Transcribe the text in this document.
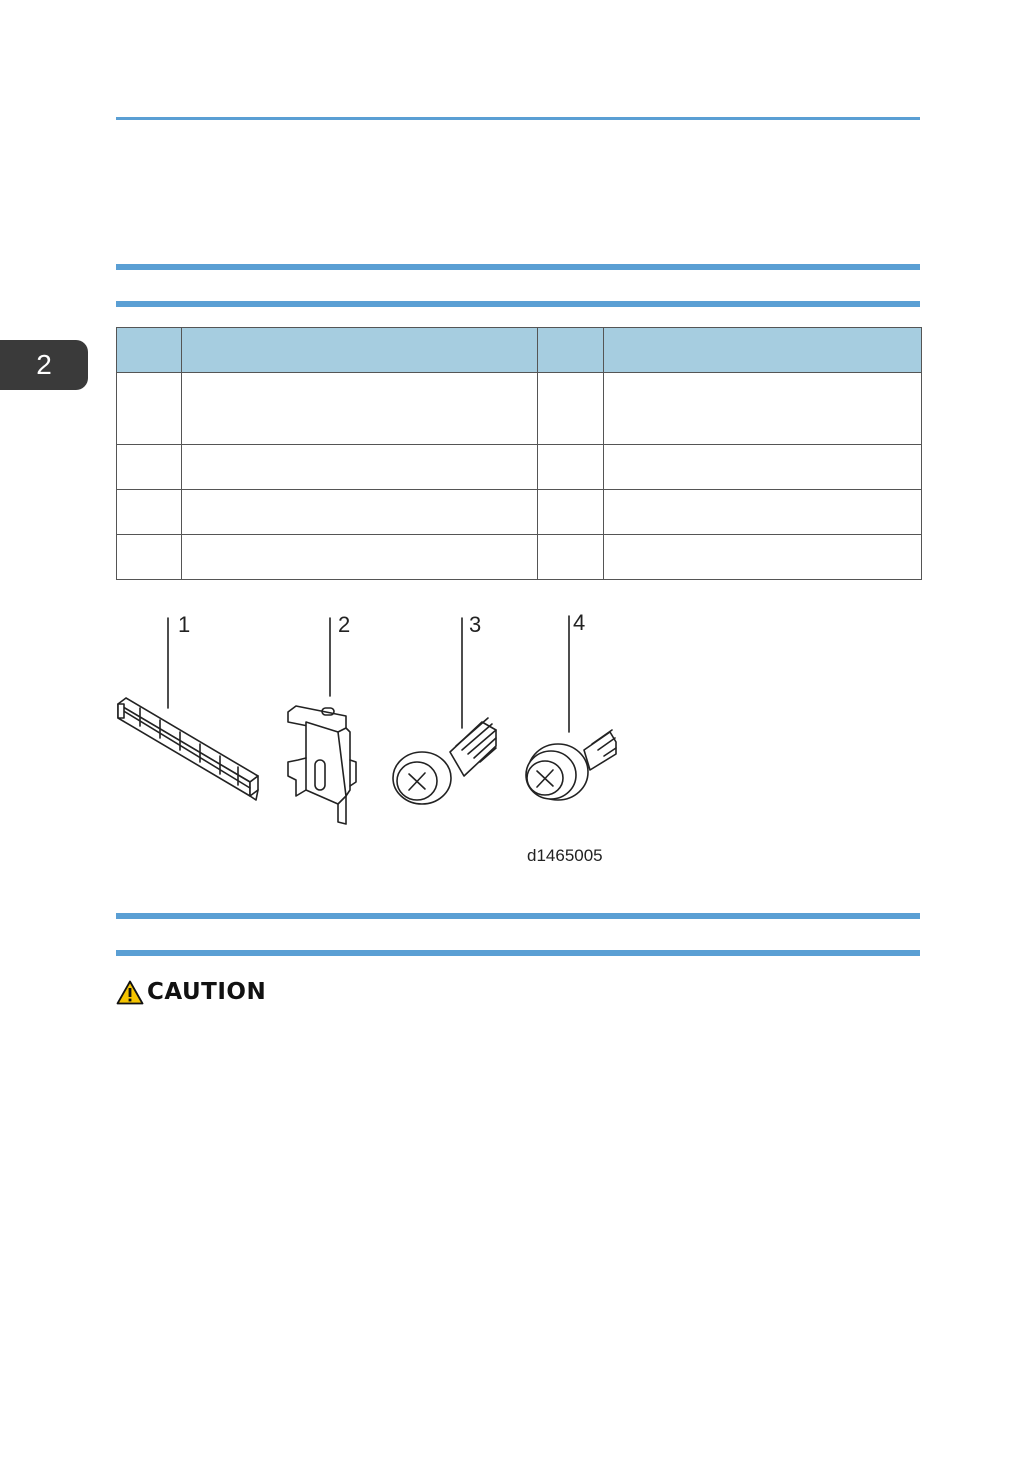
2

1	2	3	4
d1465005
CAUTION
